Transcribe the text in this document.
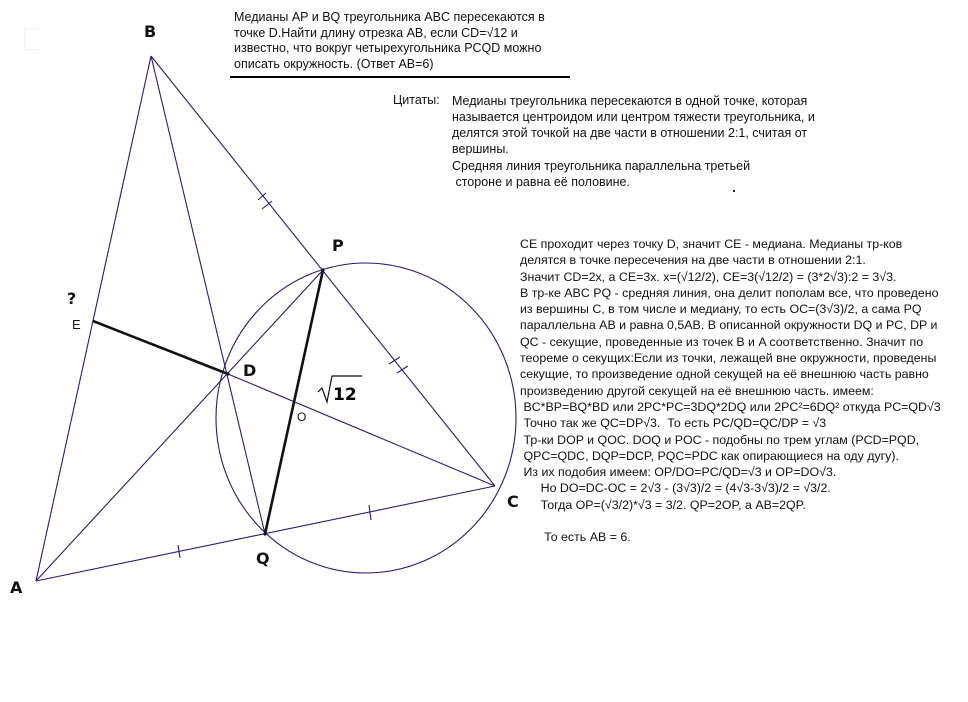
B
A
C
P
Q
D
E
O
?
12
Медианы AP и BQ треугольника ABC пересекаются в
точке D.Найти длину отрезка AB, если CD=√12 и
известно, что вокруг четырехугольника PCQD можно
описать окружность. (Ответ AB=6)
Цитаты: Медианы треугольника пересекаются в одной точке, которая
называется центроидом или центром тяжести треугольника, и
делятся этой точкой на две части в отношении 2:1, считая от
вершины.
Средняя линия треугольника параллельна третьей
стороне и равна её половине.
CE проходит через точку D, значит CE - медиана. Медианы тр-ков
делятся в точке пересечения на две части в отношении 2:1.
Значит CD=2x, а CE=3x. x=(√12/2), CE=3(√12/2) = (3*2√3):2 = 3√3.
В тр-ке ABC PQ - средняя линия, она делит пополам все, что проведено
из вершины C, в том числе и медиану, то есть OC=(3√3)/2, а сама PQ
параллельна AB и равна 0,5AB. В описанной окружности DQ и PC, DP и
QC - секущие, проведенные из точек B и A соответственно. Значит по
теореме о секущих:Если из точки, лежащей вне окружности, проведены
секущие, то произведение одной секущей на её внешнюю часть равно
произведению другой секущей на её внешнюю часть. имеем:
BC*BP=BQ*BD или 2PC*PC=3DQ*2DQ или 2PC²=6DQ² откуда PC=QD√3
Точно так же QC=DP√3.  То есть PC/QD=QC/DP = √3
Тр-ки DOP и QOC. DOQ и POC - подобны по трем углам (PCD=PQD,
QPC=QDC, DQP=DCP, PQC=PDC как опирающиеся на оду дугу).
Из их подобия имеем: OP/DO=PC/QD=√3 и OP=DO√3.
Но DO=DC-OC = 2√3 - (3√3)/2 = (4√3-3√3)/2 = √3/2.
Тогда OP=(√3/2)*√3 = 3/2. QP=2OP, а AB=2QP.
То есть AB = 6.
